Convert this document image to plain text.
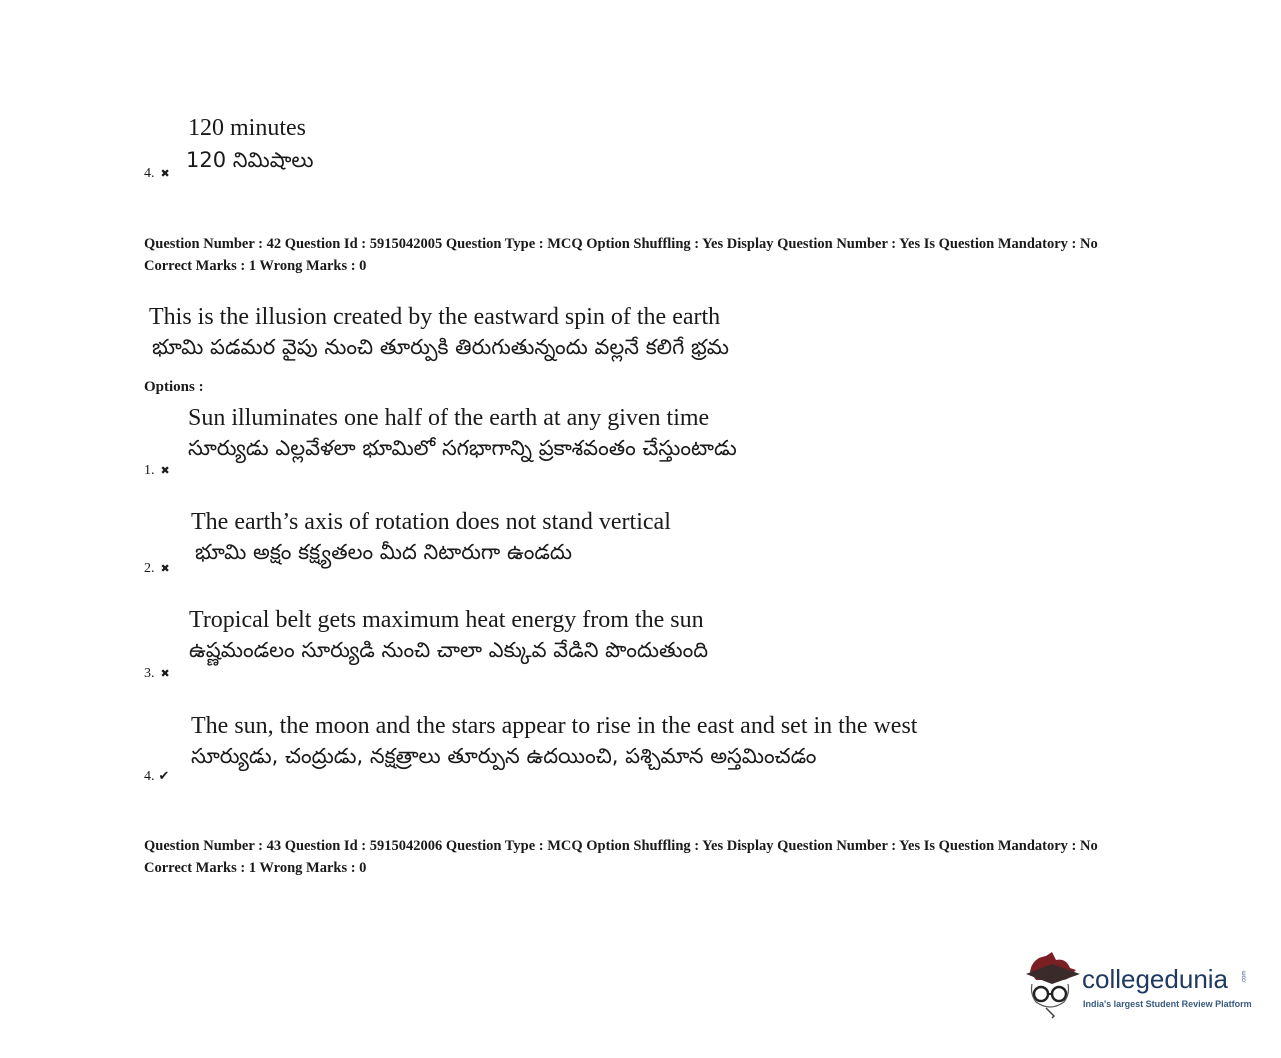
120 minutes
120 నిమిషాలు
4. ✖

Question Number : 42 Question Id : 5915042005 Question Type : MCQ Option Shuffling : Yes Display Question Number : Yes Is Question Mandatory : No

Correct Marks : 1 Wrong Marks : 0

This is the illusion created by the eastward spin of the earth
భూమి పడమర వైపు నుంచి తూర్పుకి తిరుగుతున్నందు వల్లనే కలిగే భ్రమ
Options :
Sun illuminates one half of the earth at any given time
సూర్యుడు ఎల్లవేళలా భూమిలో సగభాగాన్ని ప్రకాశవంతం చేస్తుంటాడు
1. ✖
The earth’s axis of rotation does not stand vertical
భూమి అక్షం కక్ష్యతలం మీద నిటారుగా ఉండదు
2. ✖
Tropical belt gets maximum heat energy from the sun
ఉష్ణమండలం సూర్యుడి నుంచి చాలా ఎక్కువ వేడిని పొందుతుంది
3. ✖
The sun, the moon and the stars appear to rise in the east and set in the west
సూర్యుడు, చంద్రుడు, నక్షత్రాలు తూర్పున ఉదయించి, పశ్చిమాన అస్తమించడం
4. ✔

Question Number : 43 Question Id : 5915042006 Question Type : MCQ Option Shuffling : Yes Display Question Number : Yes Is Question Mandatory : No

Correct Marks : 1 Wrong Marks : 0

collegedunia .com
India's largest Student Review Platform
